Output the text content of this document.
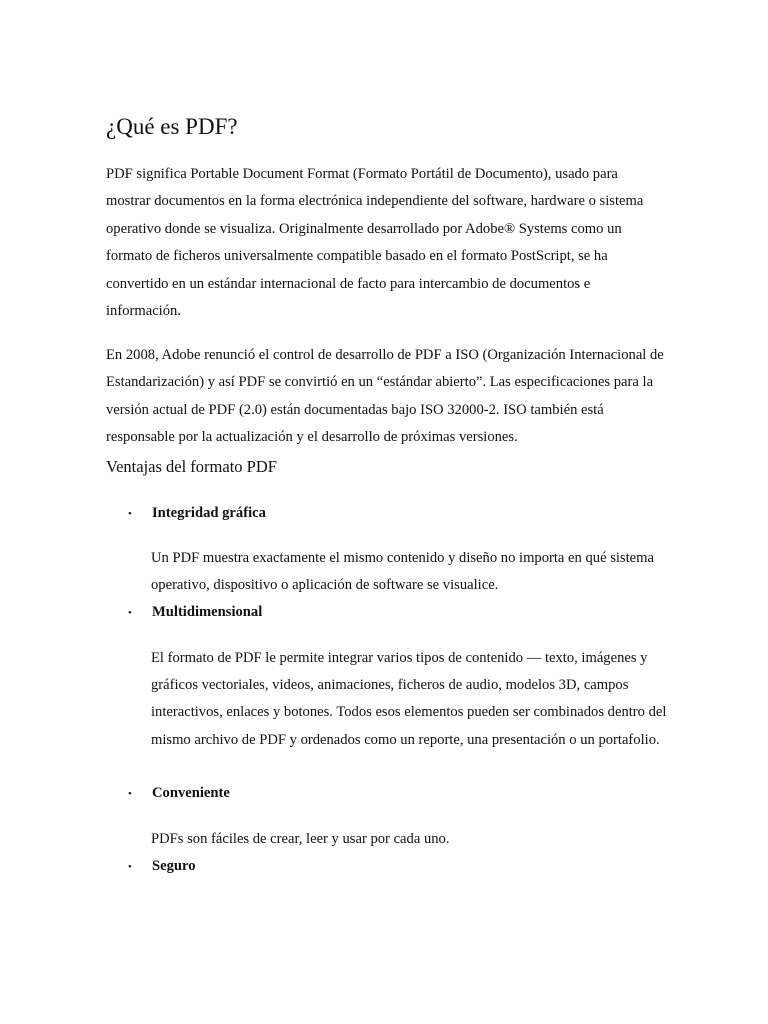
¿Qué es PDF?

PDF significa Portable Document Format (Formato Portátil de Documento), usado para mostrar documentos en la forma electrónica independiente del software, hardware o sistema operativo donde se visualiza. Originalmente desarrollado por Adobe® Systems como un formato de ficheros universalmente compatible basado en el formato PostScript, se ha convertido en un estándar internacional de facto para intercambio de documentos e información.

En 2008, Adobe renunció el control de desarrollo de PDF a ISO (Organización Internacional de Estandarización) y así PDF se convirtió en un “estándar abierto”. Las especificaciones para la versión actual de PDF (2.0) están documentadas bajo ISO 32000-2. ISO también está responsable por la actualización y el desarrollo de próximas versiones.

Ventajas del formato PDF
• Integridad gráfica

Un PDF muestra exactamente el mismo contenido y diseño no importa en qué sistema operativo, dispositivo o aplicación de software se visualice.

• Multidimensional

El formato de PDF le permite integrar varios tipos de contenido — texto, imágenes y gráficos vectoriales, videos, animaciones, ficheros de audio, modelos 3D, campos interactivos, enlaces y botones. Todos esos elementos pueden ser combinados dentro del mismo archivo de PDF y ordenados como un reporte, una presentación o un portafolio.

• Conveniente

PDFs son fáciles de crear, leer y usar por cada uno.

• Seguro
